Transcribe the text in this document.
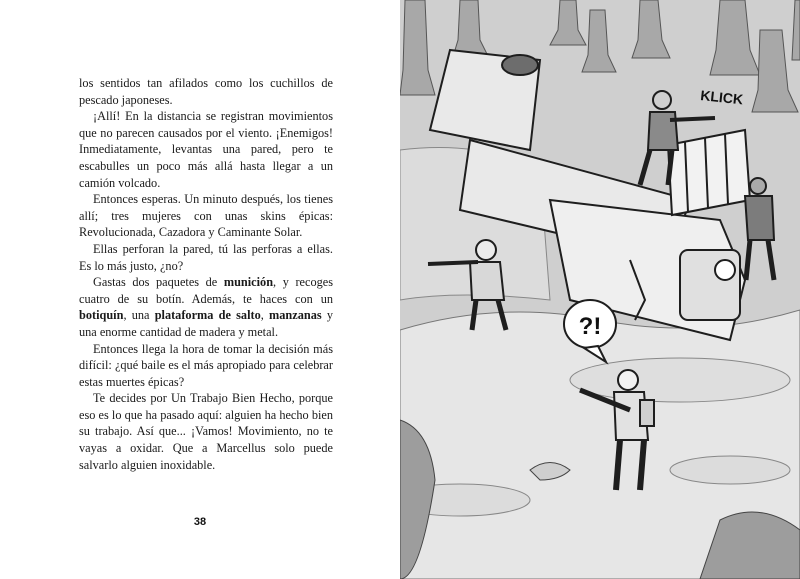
los sentidos tan afilados como los cuchillos de pescado japoneses.

¡Allí! En la distancia se registran movimientos que no parecen causados por el viento. ¡Enemigos! Inmediatamente, levantas una pared, pero te escabulles un poco más allá hasta llegar a un camión volcado.

Entonces esperas. Un minuto después, los tienes allí; tres mujeres con unas skins épicas: Revolucionada, Cazadora y Caminante Solar.

Ellas perforan la pared, tú las perforas a ellas. Es lo más justo, ¿no?

Gastas dos paquetes de munición, y recoges cuatro de su botín. Además, te haces con un botiquín, una plataforma de salto, manzanas y una enorme cantidad de madera y metal.

Entonces llega la hora de tomar la decisión más difícil: ¿qué baile es el más apropiado para celebrar estas muertes épicas?

Te decides por Un Trabajo Bien Hecho, porque eso es lo que ha pasado aquí: alguien ha hecho bien su trabajo. Así que... ¡Vamos! Movimiento, no te vayas a oxidar. Que a Marcellus solo puede salvarlo alguien inoxidable.

38
KLICK
?!
